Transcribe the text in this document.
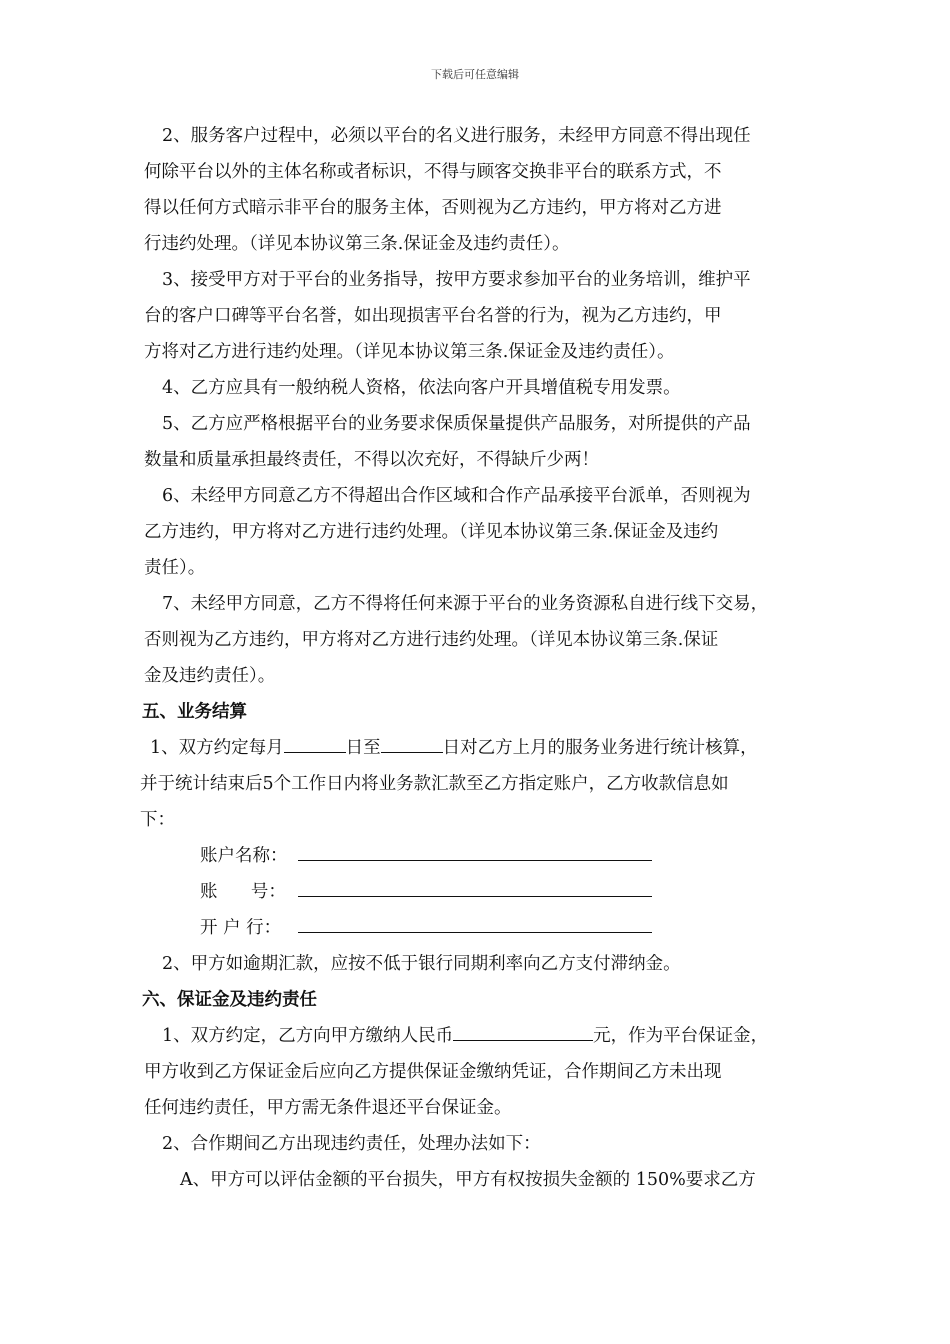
下载后可任意编辑
2、服务客户过程中，必须以平台的名义进行服务，未经甲方同意不得出现任
何除平台以外的主体名称或者标识，不得与顾客交换非平台的联系方式，不
得以任何方式暗示非平台的服务主体，否则视为乙方违约，甲方将对乙方进
行违约处理。（详见本协议第三条.保证金及违约责任）。
3、接受甲方对于平台的业务指导，按甲方要求参加平台的业务培训，维护平
台的客户口碑等平台名誉，如出现损害平台名誉的行为，视为乙方违约，甲
方将对乙方进行违约处理。（详见本协议第三条.保证金及违约责任）。
4、乙方应具有一般纳税人资格，依法向客户开具增值税专用发票。
5、乙方应严格根据平台的业务要求保质保量提供产品服务，对所提供的产品
数量和质量承担最终责任，不得以次充好，不得缺斤少两！
6、未经甲方同意乙方不得超出合作区域和合作产品承接平台派单，否则视为
乙方违约，甲方将对乙方进行违约处理。（详见本协议第三条.保证金及违约
责任）。
7、未经甲方同意，乙方不得将任何来源于平台的业务资源私自进行线下交易，
否则视为乙方违约，甲方将对乙方进行违约处理。（详见本协议第三条.保证
金及违约责任）。
五、业务结算
1、双方约定每月	日至	日对乙方上月的服务业务进行统计核算，
并于统计结束后5个工作日内将业务款汇款至乙方指定账户，乙方收款信息如
下：
账户名称：
账      号：
开 户 行：
2、甲方如逾期汇款，应按不低于银行同期利率向乙方支付滞纳金。
六、保证金及违约责任
1、双方约定，乙方向甲方缴纳人民币	元，作为平台保证金，
甲方收到乙方保证金后应向乙方提供保证金缴纳凭证，合作期间乙方未出现
任何违约责任，甲方需无条件退还平台保证金。
2、合作期间乙方出现违约责任，处理办法如下：
A、甲方可以评估金额的平台损失，甲方有权按损失金额的 150%要求乙方
